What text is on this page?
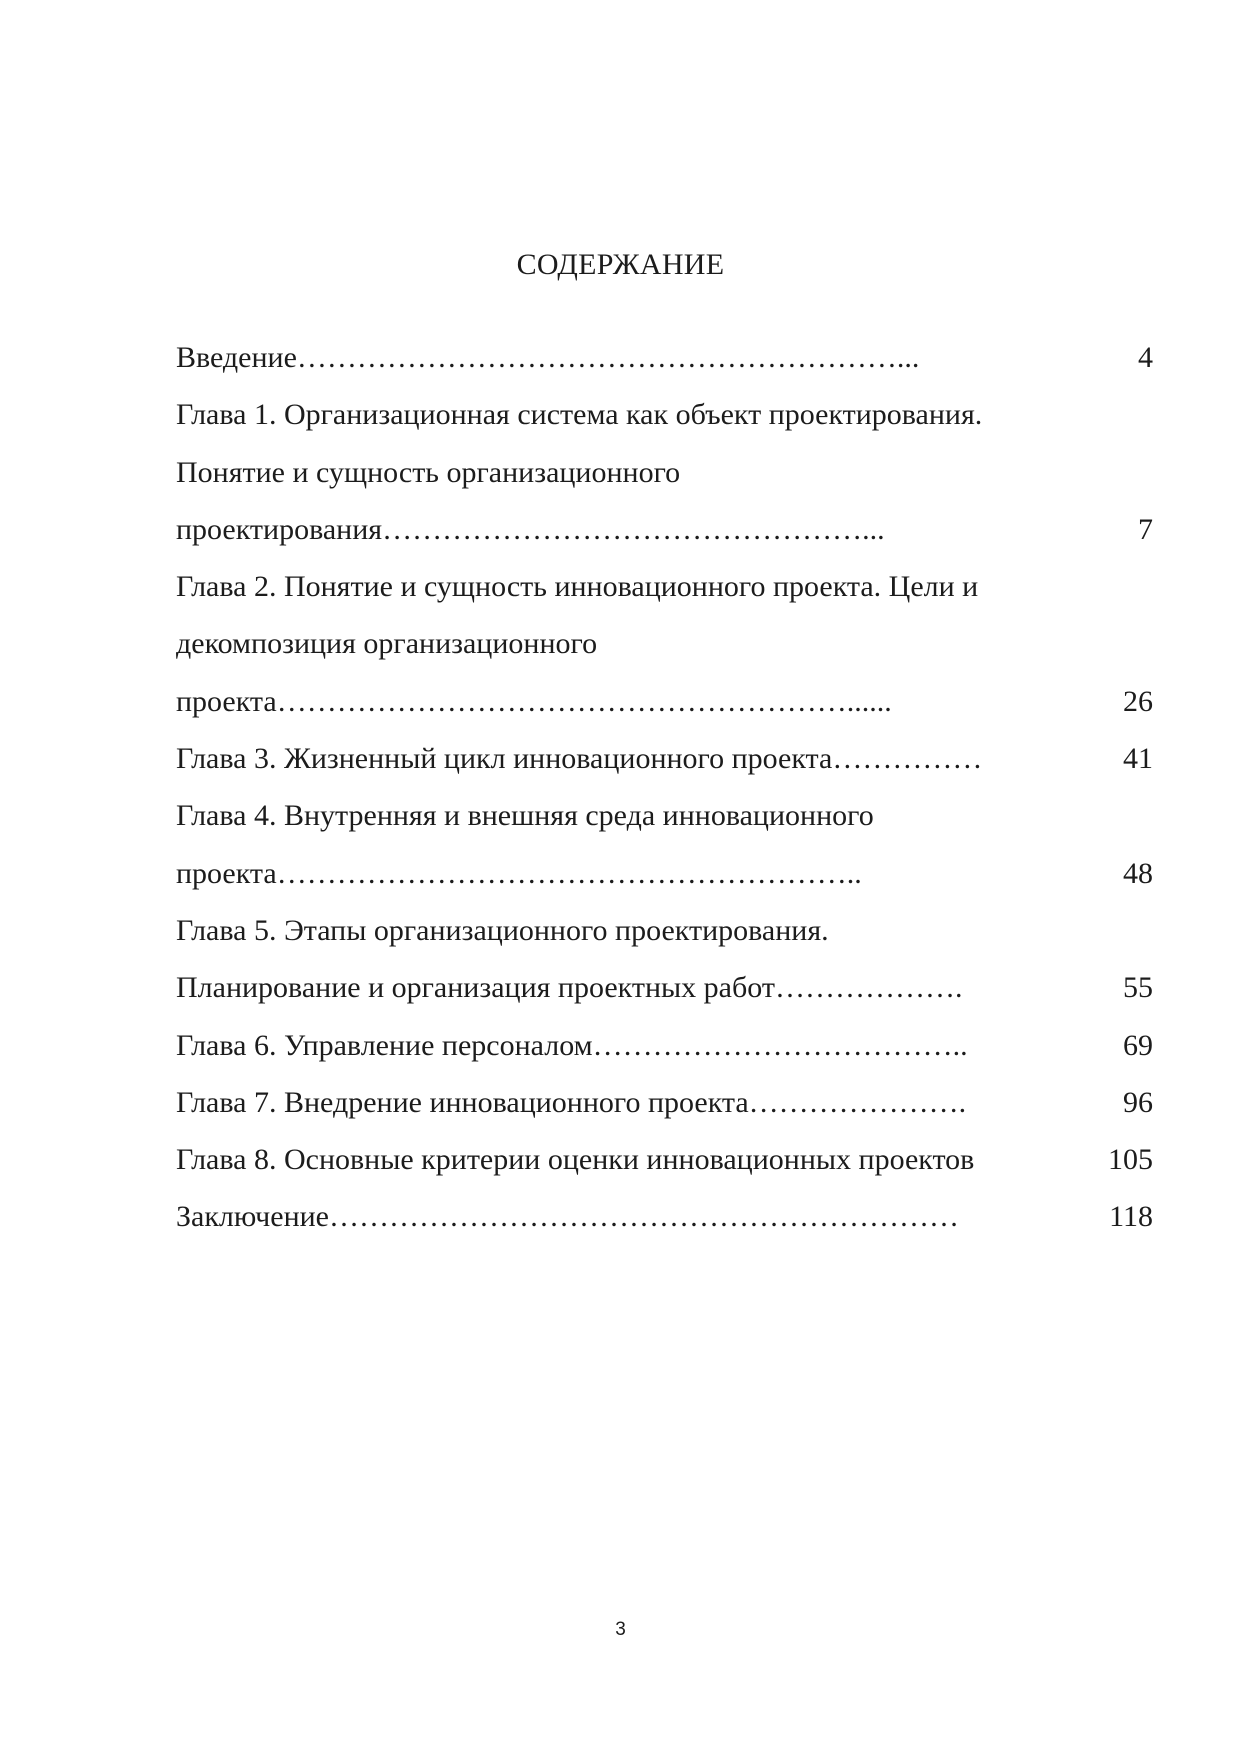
СОДЕРЖАНИЕ
Введение……………………………………………………...	4
Глава 1. Организационная система как объект проектирования.
Понятие и сущность организационного
проектирования…………………………………………...	7
Глава 2. Понятие и сущность инновационного проекта. Цели и
декомпозиция организационного
проекта…………………………………………………......	26
Глава 3. Жизненный цикл инновационного проекта……………	41
Глава 4. Внутренняя и внешняя среда инновационного
проекта…………………………………………………..	48
Глава 5. Этапы организационного проектирования.
Планирование и организация проектных работ……………….	55
Глава 6. Управление персоналом………………………………..	69
Глава 7. Внедрение инновационного проекта………………….	96
Глава 8. Основные критерии оценки инновационных проектов	105
Заключение………………………………………………………	118
3
